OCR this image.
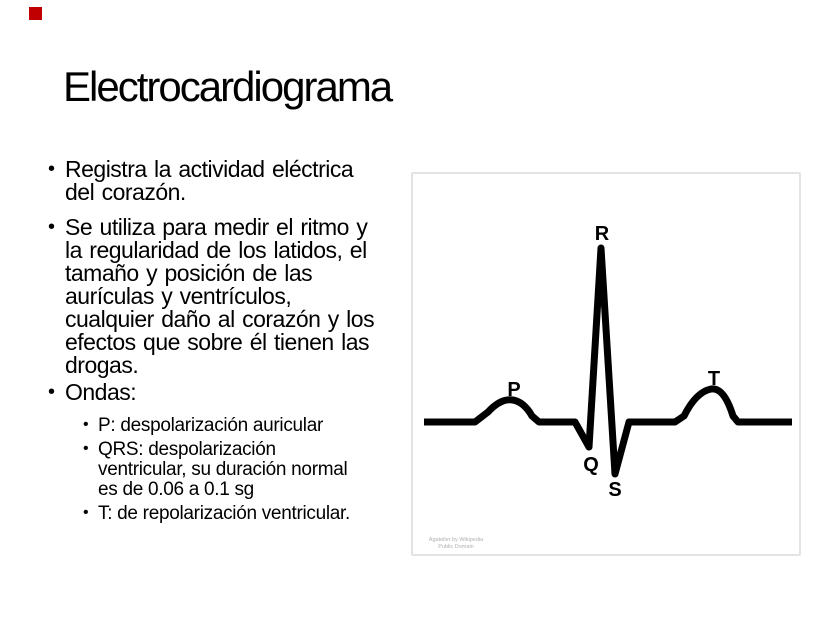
Electrocardiograma
• Registra la actividad eléctrica
del corazón.
• Se utiliza para medir el ritmo y
la regularidad de los latidos, el
tamaño y posición de las
aurículas y ventrículos,
cualquier daño al corazón y los
efectos que sobre él tienen las
drogas.
• Ondas:
• P: despolarización auricular
• QRS: despolarización
ventricular, su duración normal
es de 0.06 a 0.1 sg
• T: de repolarización ventricular.
P
Q
R
S
T
Agateller by Wikipedia
Public Domain
